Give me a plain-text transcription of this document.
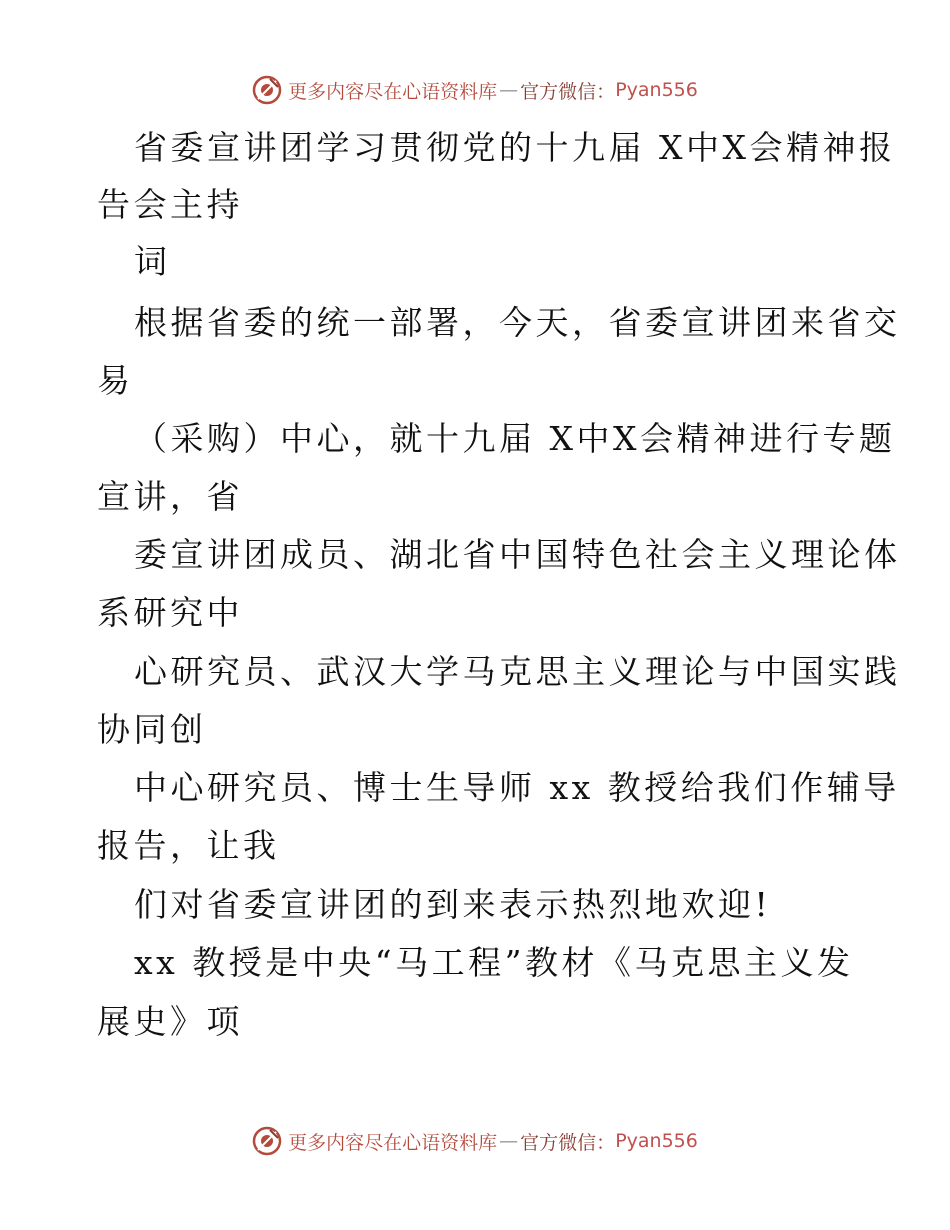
更多内容尽在心语资料库 — 官方微信： Pyan556
省委宣讲团学习贯彻党的十九届 X中X会精神报
告会主持
词
根据省委的统一部署，今天，省委宣讲团来省交
易
（采购）中心，就十九届 X中X会精神进行专题
宣讲，省
委宣讲团成员、湖北省中国特色社会主义理论体
系研究中
心研究员、武汉大学马克思主义理论与中国实践
协同创
中心研究员、博士生导师 xx 教授给我们作辅导
报告，让我
们对省委宣讲团的到来表示热烈地欢迎!
xx 教授是中央“马工程”教材《马克思主义发
展史》项
更多内容尽在心语资料库 — 官方微信： Pyan556
